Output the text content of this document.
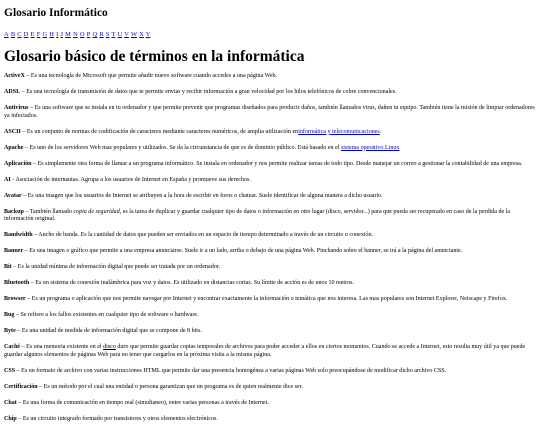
Glosario Informático
A B C D E F G H I J M N O P Q R S T U V W X Y
Glosario básico de términos en la informática

ActiveX – Es una tecnología de Microsoft que permite añadir nuevo software cuando accedes a una página Web.

ADSL – Es una tecnología de transmisión de datos que te permite enviar y recibir información a gran velocidad por los hilos telefónicos de cobre convencionales.

Antivirus – Es una software que se instala en tu ordenador y que permite prevenir que programas diseñados para producir daños, también llamados virus, dañen tu equipo. También tiene la misión de limpiar ordenadores ya infectados.

ASCII – Es un conjunto de normas de codificación de caracteres mediante caracteres numéricos, de amplia utilización eninformática y telecomunicaciones.

Apache – Es uno de los servidores Web mas populares y utilizados. Se da la circunstancia de que es de dominio público. Está basado en el sistema operativo Linux

Aplicación – Es simplemente otra forma de llamar a un programa informático. Se instala en ordenador y nos permite realizar tareas de todo tipo. Desde manejar un correo a gestionar la contabilidad de una empresa.

AI - Asociación de internautas. Agrupa a los usuarios de Internet en España y promueve sus derechos.

Avatar – Es una imagen que los usuarios de Internet se atribuyen a la hora de escribir en foros o chatear. Suele identificar de alguna manera a dicho usuario.

Backup – También llamado copia de seguridad, es la tarea de duplicar y guardar cualquier tipo de datos o información en otro lugar (disco, servidor...) para que pueda ser recuperado en caso de la perdida de la información original.

Bandwidth – Ancho de banda. Es la cantidad de datos que pueden ser enviados en un espacio de tiempo determinado a través de un circuito o conexión.

Banner – Es una imagen o gráfico que permite a una empresa anunciarse. Suele ir a un lado, arriba o debajo de una página Web. Pinchando sobre el banner, se irá a la página del anunciante.

Bit – Es la unidad mínima de información digital que puede ser tratada por un ordenador.

Bluetooth – Es un sistema de conexión inalámbrica para voz y datos. Es utilizado en distancias cortas. Su límite de acción es de unos 10 metros.

Browser – Es un programa o aplicación que nos permite navegar por Internet y encontrar exactamente la información o temática que nos interesa. Las mas populares son Internet Explorer, Netscape y Firefox.

Bug – Se refiere a los fallos existentes en cualquier tipo de software o hardware.

Byte – Es una unidad de medida de información digital que se compone de 8 bits.

Caché – Es una memoria existente en el disco duro que permite guardar copias temporales de archivos para poder acceder a ellos en ciertos momentos. Cuando se accede a Internet, esto resulta muy útil ya que puede guardar algunos elementos de páginas Web para no tener que cargarlos en la próxima visita a la misma página.

CSS – Es un formato de archivo con varias instrucciones HTML que permite dar una presencia homogénea a varias páginas Web solo preocupándose de modificar dicho archivo CSS.

Certificación – Es un método por el cual una entidad o persona garantizan que un programa es de quien realmente dice ser.

Chat – Es una forma de comunicación en tiempo real (simultaneo), entre varias personas a través de Internet.

Chip – Es un circuito integrado formado por transistores y otros elementos electrónicos.
